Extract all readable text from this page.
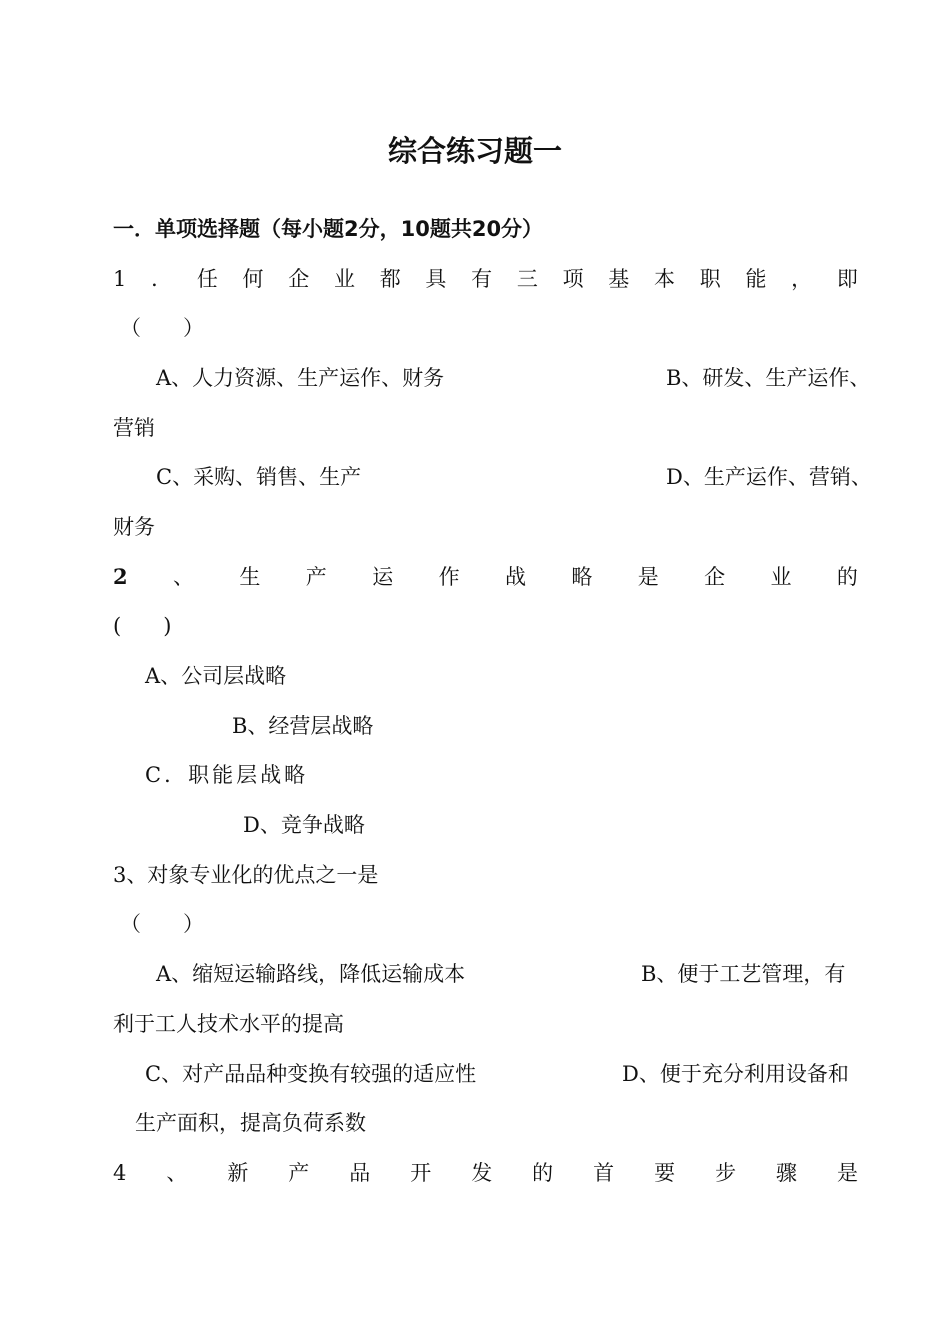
综合练习题一
一．单项选择题（每小题2分，10题共20分）
1 ． 任 何 企 业 都 具 有 三 项 基 本 职 能 ， 即
（　　）
A、人力资源、生产运作、财务	B、研发、生产运作、
营销
C、采购、销售、生产	D、生产运作、营销、
财务
2 、 生 产 运 作 战 略 是 企 业 的
(　　)
A、公司层战略
B、经营层战略
C．职能层战略
D、竞争战略
3、对象专业化的优点之一是
（　　）
A、缩短运输路线，降低运输成本	B、便于工艺管理，有
利于工人技术水平的提高
C、对产品品种变换有较强的适应性	D、便于充分利用设备和
生产面积，提高负荷系数
4 、 新 产 品 开 发 的 首 要 步 骤 是
